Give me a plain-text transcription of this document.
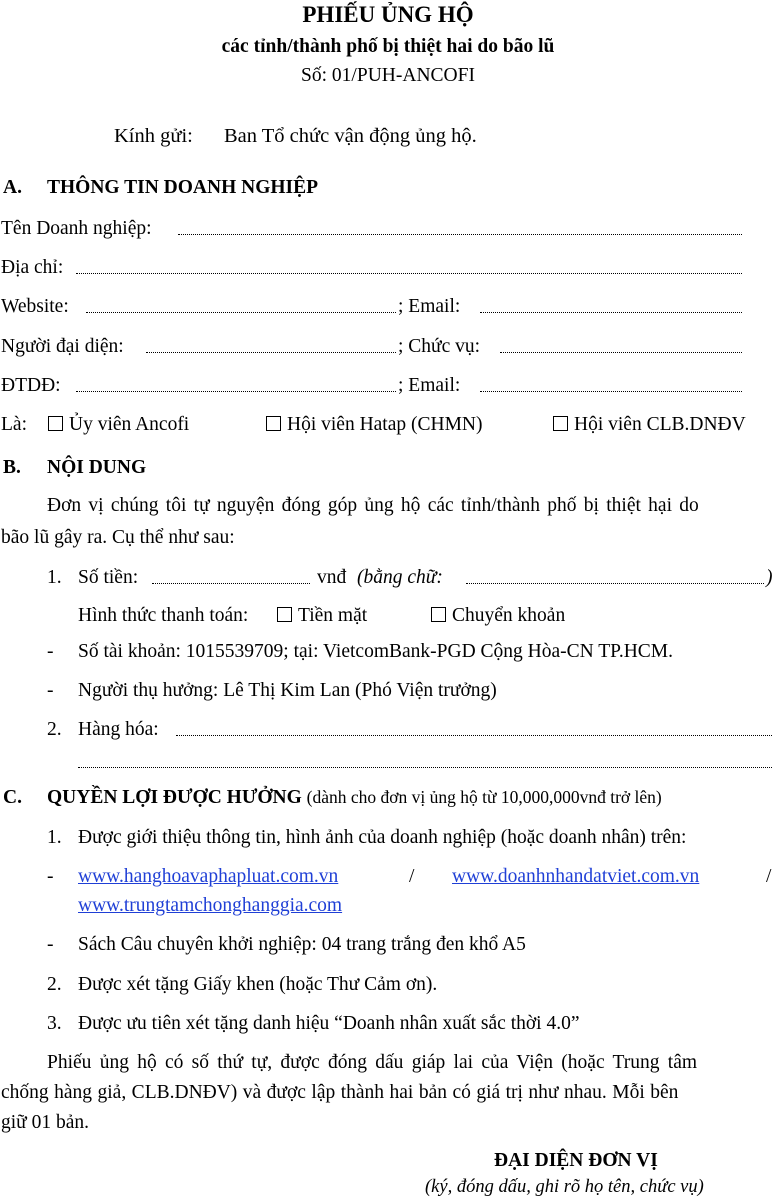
PHIẾU ỦNG HỘ
các tỉnh/thành phố bị thiệt hai do bão lũ
Số: 01/PUH-ANCOFI
Kính gửi: Ban Tổ chức vận động ủng hộ.
A. THÔNG TIN DOANH NGHIỆP
Tên Doanh nghiệp:
Địa chỉ:
Website:	; Email:
Người đại diện:	; Chức vụ:
ĐTDĐ:	; Email:
Là:	Ủy viên Ancofi	Hội viên Hatap (CHMN)	Hội viên CLB.DNĐV
B. NỘI DUNG
Đơn vị chúng tôi tự nguyện đóng góp ủng hộ các tỉnh/thành phố bị thiệt hại do
bão lũ gây ra. Cụ thể như sau:
1. Số tiền:	vnđ (bằng chữ:	)
Hình thức thanh toán:	Tiền mặt	Chuyển khoản
- Số tài khoản: 1015539709; tại: VietcomBank-PGD Cộng Hòa-CN TP.HCM.
- Người thụ hưởng: Lê Thị Kim Lan (Phó Viện trưởng)
2. Hàng hóa:
C. QUYỀN LỢI ĐƯỢC HƯỞNG (dành cho đơn vị ủng hộ từ 10,000,000vnđ trở lên)
1. Được giới thiệu thông tin, hình ảnh của doanh nghiệp (hoặc doanh nhân) trên:
- www.hanghoavaphapluat.com.vn	/ www.doanhnhandatviet.com.vn	/
www.trungtamchonghanggia.com
- Sách Câu chuyên khởi nghiệp: 04 trang trắng đen khổ A5
2. Được xét tặng Giấy khen (hoặc Thư Cảm ơn).
3. Được ưu tiên xét tặng danh hiệu “Doanh nhân xuất sắc thời 4.0”
Phiếu ủng hộ có số thứ tự, được đóng dấu giáp lai của Viện (hoặc Trung tâm
chống hàng giả, CLB.DNĐV) và được lập thành hai bản có giá trị như nhau. Mỗi bên
giữ 01 bản.
ĐẠI DIỆN ĐƠN VỊ
(ký, đóng dấu, ghi rõ họ tên, chức vụ)
